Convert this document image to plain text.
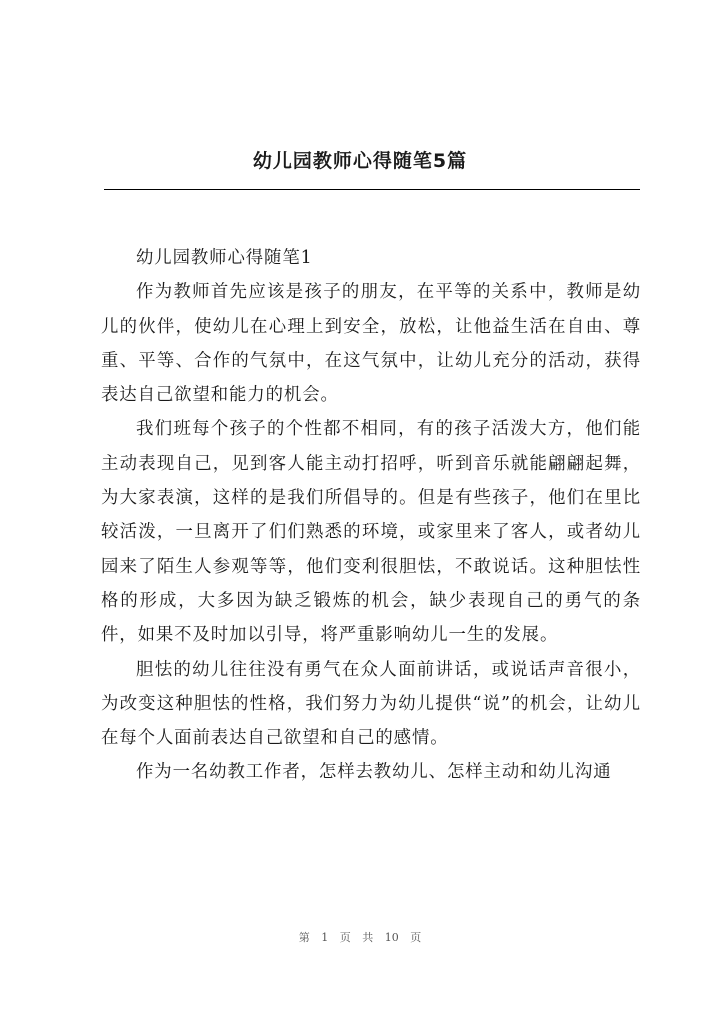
幼儿园教师心得随笔5篇

幼儿园教师心得随笔1

作为教师首先应该是孩子的朋友，在平等的关系中，教师是幼儿的伙伴，使幼儿在心理上到安全，放松，让他益生活在自由、尊重、平等、合作的气氛中，在这气氛中，让幼儿充分的活动，获得表达自己欲望和能力的机会。

我们班每个孩子的个性都不相同，有的孩子活泼大方，他们能主动表现自己，见到客人能主动打招呼，听到音乐就能翩翩起舞，为大家表演，这样的是我们所倡导的。但是有些孩子，他们在里比较活泼，一旦离开了们们熟悉的环境，或家里来了客人，或者幼儿园来了陌生人参观等等，他们变利很胆怯，不敢说话。这种胆怯性格的形成，大多因为缺乏锻炼的机会，缺少表现自己的勇气的条件，如果不及时加以引导，将严重影响幼儿一生的发展。

胆怯的幼儿往往没有勇气在众人面前讲话，或说话声音很小，为改变这种胆怯的性格，我们努力为幼儿提供“说”的机会，让幼儿在每个人面前表达自己欲望和自己的感情。

作为一名幼教工作者，怎样去教幼儿、怎样主动和幼儿沟通

第 1 页 共 10 页
